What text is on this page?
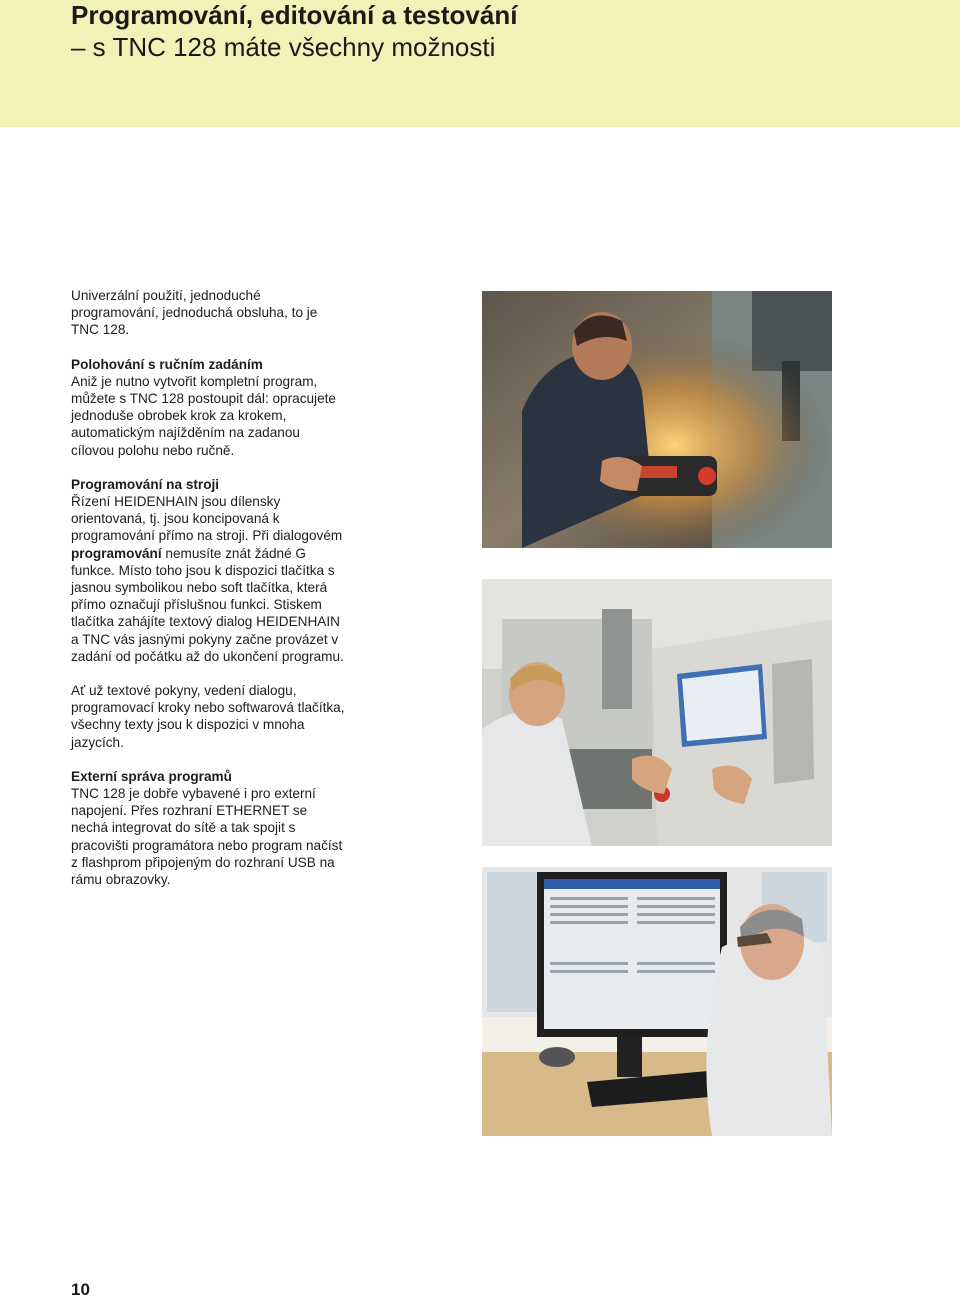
Programování, editování a testování
– s TNC 128 máte všechny možnosti

Univerzální použití, jednoduché programování, jednoduchá obsluha, to je TNC 128.

Polohování s ručním zadáním
Aniž je nutno vytvořit kompletní program, můžete s TNC 128 postoupit dál: opracujete jednoduše obrobek krok za krokem, automatickým najížděním na zadanou cílovou polohu nebo ručně.

Programování na stroji
Řízení HEIDENHAIN jsou dílensky orientovaná, tj. jsou koncipovaná k programování přímo na stroji. Při dialogovém programování nemusíte znát žádné G funkce. Místo toho jsou k dispozici tlačítka s jasnou symbolikou nebo soft tlačítka, která přímo označují příslušnou funkci. Stiskem tlačítka zahájíte textový dialog HEIDENHAIN a TNC vás jasnými pokyny začne provázet v zadání od počátku až do ukončení programu.

Ať už textové pokyny, vedení dialogu, programovací kroky nebo softwarová tlačítka, všechny texty jsou k dispozici v mnoha jazycích.

Externí správa programů
TNC 128 je dobře vybavené i pro externí napojení. Přes rozhraní ETHERNET se nechá integrovat do sítě a tak spojit s pracovišti programátora nebo program načíst z flashprom připojeným do rozhraní USB na rámu obrazovky.

10
